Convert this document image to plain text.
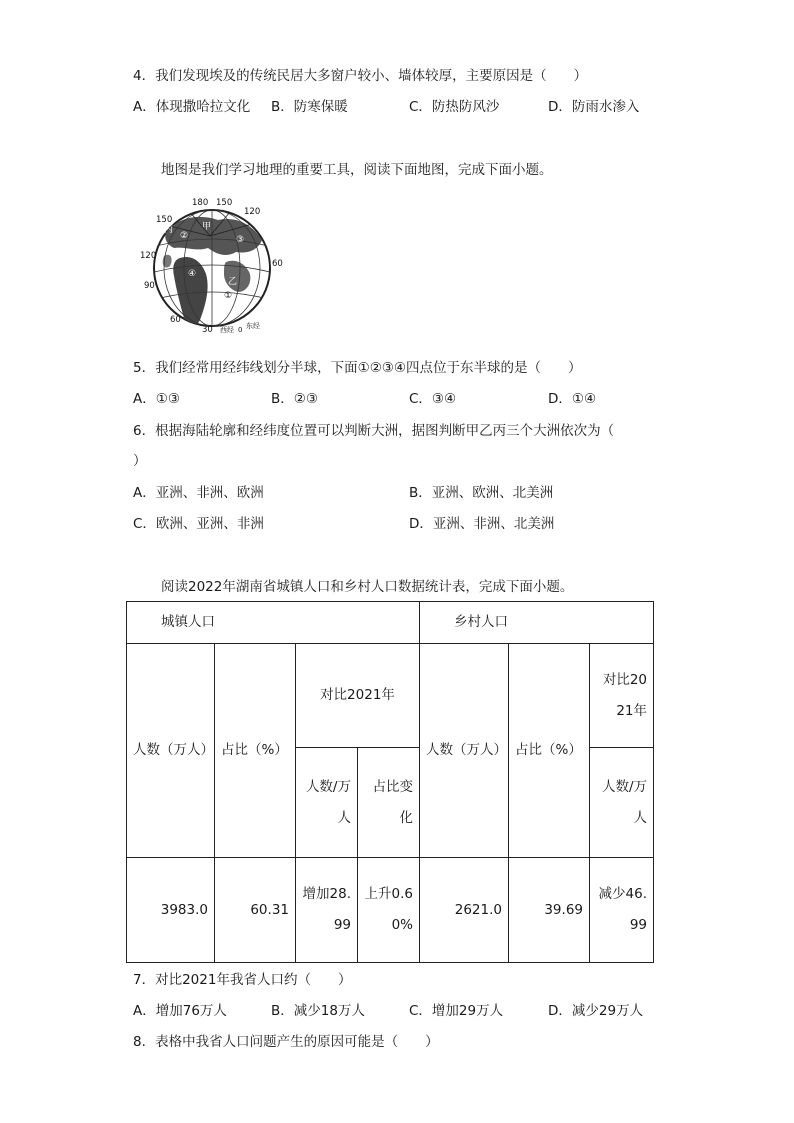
4．我们发现埃及的传统民居大多窗户较小、墙体较厚，主要原因是（　　）
A．体现撒哈拉文化 B．防寒保暖	C．防热防风沙	D．防雨水渗入
地图是我们学习地理的重要工具，阅读下面地图，完成下面小题。
180 150
120
150
120
90
60
60
30 西经 0 东经
甲
乙
丙
①
②	③
④
5．我们经常用经纬线划分半球，下面①②③④四点位于东半球的是（　　）
A．①③	B．②③	C．③④	D．①④
6．根据海陆轮廓和经纬度位置可以判断大洲，据图判断甲乙丙三个大洲依次为（
）
A．亚洲、非洲、欧洲	B．亚洲、欧洲、北美洲
C．欧洲、亚洲、非洲	D．亚洲、非洲、北美洲
阅读2022年湖南省城镇人口和乡村人口数据统计表，完成下面小题。
城镇人口				乡村人口		
人数（万人）	占比（%）	对比2021年		人数（万人）	占比（%）	对比2021年
		人数/万人	占比变化			人数/万人
3983.0	60.31	增加28.99	上升0.60%	2621.0	39.69	减少46.99
7．对比2021年我省人口约（　　）
A．增加76万人	B．减少18万人	C．增加29万人	D．减少29万人
8．表格中我省人口问题产生的原因可能是（　　）
